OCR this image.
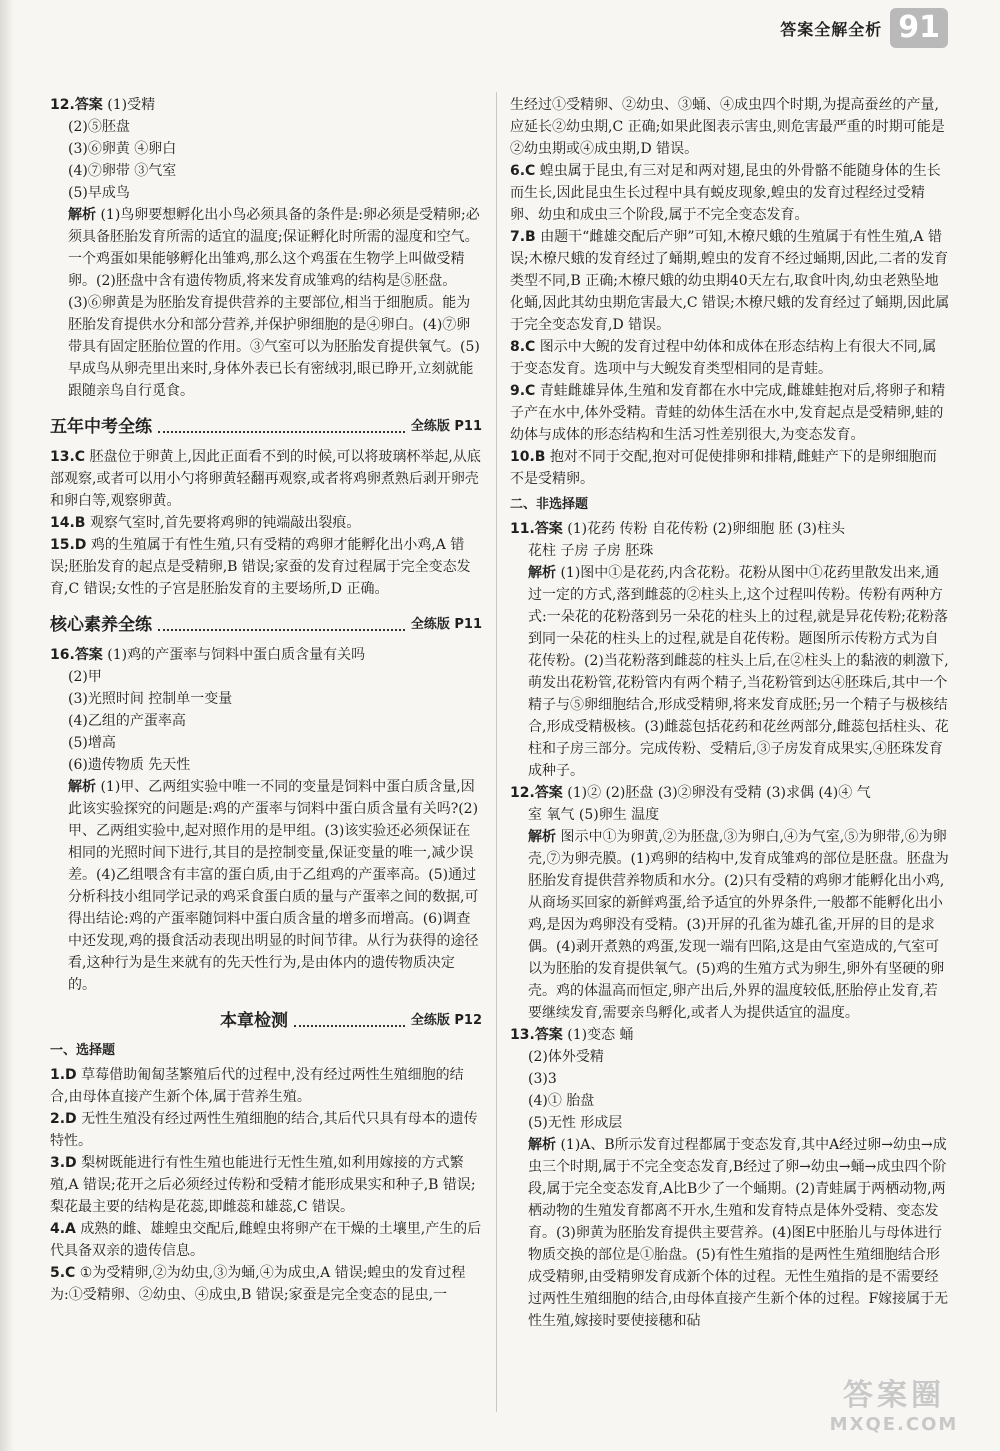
答案全解全析 91

12.答案 (1)受精

(2)⑤胚盘

(3)⑥卵黄 ④卵白

(4)⑦卵带 ③气室

(5)早成鸟

解析 (1)鸟卵要想孵化出小鸟必须具备的条件是:卵必须是受精卵;必须具备胚胎发育所需的适宜的温度;保证孵化时所需的湿度和空气。一个鸡蛋如果能够孵化出雏鸡,那么这个鸡蛋在生物学上叫做受精卵。(2)胚盘中含有遗传物质,将来发育成雏鸡的结构是⑤胚盘。(3)⑥卵黄是为胚胎发育提供营养的主要部位,相当于细胞质。能为胚胎发育提供水分和部分营养,并保护卵细胞的是④卵白。(4)⑦卵带具有固定胚胎位置的作用。③气室可以为胚胎发育提供氧气。(5)早成鸟从卵壳里出来时,身体外表已长有密绒羽,眼已睁开,立刻就能跟随亲鸟自行觅食。

五年中考全练	全练版 P11

13.C 胚盘位于卵黄上,因此正面看不到的时候,可以将玻璃杯举起,从底部观察,或者可以用小勺将卵黄轻翻再观察,或者将鸡卵煮熟后剥开卵壳和卵白等,观察卵黄。

14.B 观察气室时,首先要将鸡卵的钝端敲出裂痕。

15.D 鸡的生殖属于有性生殖,只有受精的鸡卵才能孵化出小鸡,A 错误;胚胎发育的起点是受精卵,B 错误;家蚕的发育过程属于完全变态发育,C 错误;女性的子宫是胚胎发育的主要场所,D 正确。

核心素养全练	全练版 P11

16.答案 (1)鸡的产蛋率与饲料中蛋白质含量有关吗

(2)甲

(3)光照时间 控制单一变量

(4)乙组的产蛋率高

(5)增高

(6)遗传物质 先天性

解析 (1)甲、乙两组实验中唯一不同的变量是饲料中蛋白质含量,因此该实验探究的问题是:鸡的产蛋率与饲料中蛋白质含量有关吗?(2)甲、乙两组实验中,起对照作用的是甲组。(3)该实验还必须保证在相同的光照时间下进行,其目的是控制变量,保证变量的唯一,减少误差。(4)乙组喂含有丰富的蛋白质,由于乙组鸡的产蛋率高。(5)通过分析科技小组同学记录的鸡采食蛋白质的量与产蛋率之间的数据,可得出结论:鸡的产蛋率随饲料中蛋白质含量的增多而增高。(6)调查中还发现,鸡的摄食活动表现出明显的时间节律。从行为获得的途径看,这种行为是生来就有的先天性行为,是由体内的遗传物质决定的。

本章检测	全练版 P12

一、选择题

1.D 草莓借助匍匐茎繁殖后代的过程中,没有经过两性生殖细胞的结合,由母体直接产生新个体,属于营养生殖。

2.D 无性生殖没有经过两性生殖细胞的结合,其后代只具有母本的遗传特性。

3.D 梨树既能进行有性生殖也能进行无性生殖,如利用嫁接的方式繁殖,A 错误;花开之后必须经过传粉和受精才能形成果实和种子,B 错误;梨花最主要的结构是花蕊,即雌蕊和雄蕊,C 错误。

4.A 成熟的雌、雄蝗虫交配后,雌蝗虫将卵产在干燥的土壤里,产生的后代具备双亲的遗传信息。

5.C ①为受精卵,②为幼虫,③为蛹,④为成虫,A 错误;蝗虫的发育过程为:①受精卵、②幼虫、④成虫,B 错误;家蚕是完全变态的昆虫,一

生经过①受精卵、②幼虫、③蛹、④成虫四个时期,为提高蚕丝的产量,应延长②幼虫期,C 正确;如果此图表示害虫,则危害最严重的时期可能是②幼虫期或④成虫期,D 错误。

6.C 蝗虫属于昆虫,有三对足和两对翅,昆虫的外骨骼不能随身体的生长而生长,因此昆虫生长过程中具有蜕皮现象,蝗虫的发育过程经过受精卵、幼虫和成虫三个阶段,属于不完全变态发育。

7.B 由题干“雌雄交配后产卵”可知,木橑尺蛾的生殖属于有性生殖,A 错误;木橑尺蛾的发育经过了蛹期,蝗虫的发育不经过蛹期,因此,二者的发育类型不同,B 正确;木橑尺蛾的幼虫期40天左右,取食叶肉,幼虫老熟坠地化蛹,因此其幼虫期危害最大,C 错误;木橑尺蛾的发育经过了蛹期,因此属于完全变态发育,D 错误。

8.C 图示中大鲵的发育过程中幼体和成体在形态结构上有很大不同,属于变态发育。选项中与大鲵发育类型相同的是青蛙。

9.C 青蛙雌雄异体,生殖和发育都在水中完成,雌雄蛙抱对后,将卵子和精子产在水中,体外受精。青蛙的幼体生活在水中,发育起点是受精卵,蛙的幼体与成体的形态结构和生活习性差别很大,为变态发育。

10.B 抱对不同于交配,抱对可促使排卵和排精,雌蛙产下的是卵细胞而不是受精卵。

二、非选择题

11.答案 (1)花药 传粉 自花传粉 (2)卵细胞 胚 (3)柱头

花柱 子房 子房 胚珠

解析 (1)图中①是花药,内含花粉。花粉从图中①花药里散发出来,通过一定的方式,落到雌蕊的②柱头上,这个过程叫传粉。传粉有两种方式:一朵花的花粉落到另一朵花的柱头上的过程,就是异花传粉;花粉落到同一朵花的柱头上的过程,就是自花传粉。题图所示传粉方式为自花传粉。(2)当花粉落到雌蕊的柱头上后,在②柱头上的黏液的刺激下,萌发出花粉管,花粉管内有两个精子,当花粉管到达④胚珠后,其中一个精子与⑤卵细胞结合,形成受精卵,将来发育成胚;另一个精子与极核结合,形成受精极核。(3)雌蕊包括花药和花丝两部分,雌蕊包括柱头、花柱和子房三部分。完成传粉、受精后,③子房发育成果实,④胚珠发育成种子。

12.答案 (1)② (2)胚盘 (3)②卵没有受精 (3)求偶 (4)④ 气

室 氧气 (5)卵生 温度

解析 图示中①为卵黄,②为胚盘,③为卵白,④为气室,⑤为卵带,⑥为卵壳,⑦为卵壳膜。(1)鸡卵的结构中,发育成雏鸡的部位是胚盘。胚盘为胚胎发育提供营养物质和水分。(2)只有受精的鸡卵才能孵化出小鸡,从商场买回家的新鲜鸡蛋,给予适宜的外界条件,一般都不能孵化出小鸡,是因为鸡卵没有受精。(3)开屏的孔雀为雄孔雀,开屏的目的是求偶。(4)剥开煮熟的鸡蛋,发现一端有凹陷,这是由气室造成的,气室可以为胚胎的发育提供氧气。(5)鸡的生殖方式为卵生,卵外有坚硬的卵壳。鸡的体温高而恒定,卵产出后,外界的温度较低,胚胎停止发育,若要继续发育,需要亲鸟孵化,或者人为提供适宜的温度。

13.答案 (1)变态 蛹

(2)体外受精

(3)3

(4)① 胎盘

(5)无性 形成层

解析 (1)A、B所示发育过程都属于变态发育,其中A经过卵→幼虫→成虫三个时期,属于不完全变态发育,B经过了卵→幼虫→蛹→成虫四个阶段,属于完全变态发育,A比B少了一个蛹期。(2)青蛙属于两栖动物,两栖动物的生殖发育都离不开水,生殖和发育特点是体外受精、变态发育。(3)卵黄为胚胎发育提供主要营养。(4)图E中胚胎儿与母体进行物质交换的部位是①胎盘。(5)有性生殖指的是两性生殖细胞结合形成受精卵,由受精卵发育成新个体的过程。无性生殖指的是不需要经过两性生殖细胞的结合,由母体直接产生新个体的过程。F嫁接属于无性生殖,嫁接时要使接穗和砧

答案圈
MXQE.COM
